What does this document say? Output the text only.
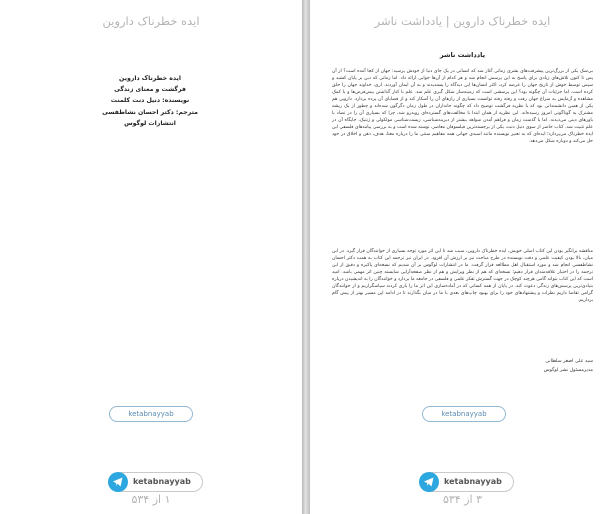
ایده خطرناک داروین
ایده خطرناک داروین
فرگشت و معنای زندگی
نویسنده: دنیل دنت کلمنت
مترجم: دکتر احسان نشاطفسی
انتشارات لوگوس
ketabnayyab
ketabnayyab
۱ از ۵۳۴
ایده خطرناک داروین | یادداشت ناشر
یادداشت ناشر
بی‌شک یکی از بزرگ‌ترین پیشرفت‌های بشری زمانی آغاز شد که انسانی در یک جای دنیا از خودش پرسید: جهان از کجا آمده است؟ از آن پس تا کنون تلاش‌های زیادی برای پاسخ به این پرسش انجام شد و هر کدام از آن‌ها جوابی ارائه داد. اما زمانی که دین بر پایان کشید و سپس توسط خوش از تاریخ جهان را عرضه کرد، اکثر انسان‌ها این دیدگاه را پسندیدند و به آن ایمان آوردند. اری، خداوند جهان را خلق کرده است، اما جزئیات آن چگونه بود؟ این پرسشی است که زمینه‌ساز شکل گیری علم شد. علم با کنار گذاشتن پیش‌فرض‌ها و با کمک مشاهده و آزمایش به سراغ جهان رفت و رفته رفته توانست بسیاری از رازهای آن را آشکار کند و از قضایای آن پرده بردارد. داروین هم یکی از همین دانشمندانی بود که با نظریه فرگشت توضیح داد که چگونه جانداران در طول زمان دگرگون شده‌اند و چطور از یک ریشه مشترک به گوناگونی امروز رسیده‌اند. این نظریه از همان ابتدا با مخالفت‌های گسترده‌ای روبه‌رو شد، چرا که بسیاری آن را در تضاد با باورهای دینی می‌دیدند. اما با گذشت زمان و فراهم آمدن شواهد بیشتر از دیرینه‌شناسی، زیست‌شناسی مولکولی و ژنتیک، جایگاه آن در علم تثبیت شد. کتاب حاضر از سوی دنیل دنت، یکی از برجسته‌ترین فیلسوفان معاصر، نوشته شده است و به بررسی پیامدهای فلسفی این ایده خطرناک می‌پردازد؛ ایده‌ای که به تعبیر نویسنده مانند اسیدی جهانی همه مفاهیم سنتی ما را درباره معنا، هدف، ذهن و اخلاق در خود حل می‌کند و دوباره شکل می‌دهد.
مناقشه برانگیز بودن این کتاب اصلی خویش، ایده خطرناک داروین، سبب شد تا این اثر مورد توجه بسیاری از خوانندگان قرار گیرد. در این میان، بالا بودن کیفیت علمی و دقت نویسنده در طرح مباحث نیز بر ارزش آن افزود. در ایران نیز ترجمه این کتاب به همت دکتر احسان نشاطفسی انجام شد و مورد استقبال اهل مطالعه قرار گرفت. ما در انتشارات لوگوس بر آن شدیم که نسخه‌ای پاکیزه و دقیق از این ترجمه را در اختیار علاقه‌مندان قرار دهیم؛ نسخه‌ای که هم از نظر ویرایش و هم از نظر صفحه‌آرایی شایسته چنین اثر مهمی باشد. امید است که این کتاب بتواند گامی هرچند کوچک در جهت گسترش تفکر علمی و فلسفی در جامعه ما بردارد و خوانندگان را به اندیشیدن درباره بنیادی‌ترین پرسش‌های زندگی دعوت کند. در پایان از همه کسانی که در آماده‌سازی این اثر ما را یاری کردند سپاسگزاریم و از خوانندگان گرامی تقاضا داریم نظرات و پیشنهادهای خود را برای بهبود چاپ‌های بعدی با ما در میان بگذارند تا در ادامه این مسیر بهتر از پیش گام برداریم.
سید علی اصغر سلطانی
مدیرمسئول نشر لوگوس
ketabnayyab
ketabnayyab
۳ از ۵۳۴
